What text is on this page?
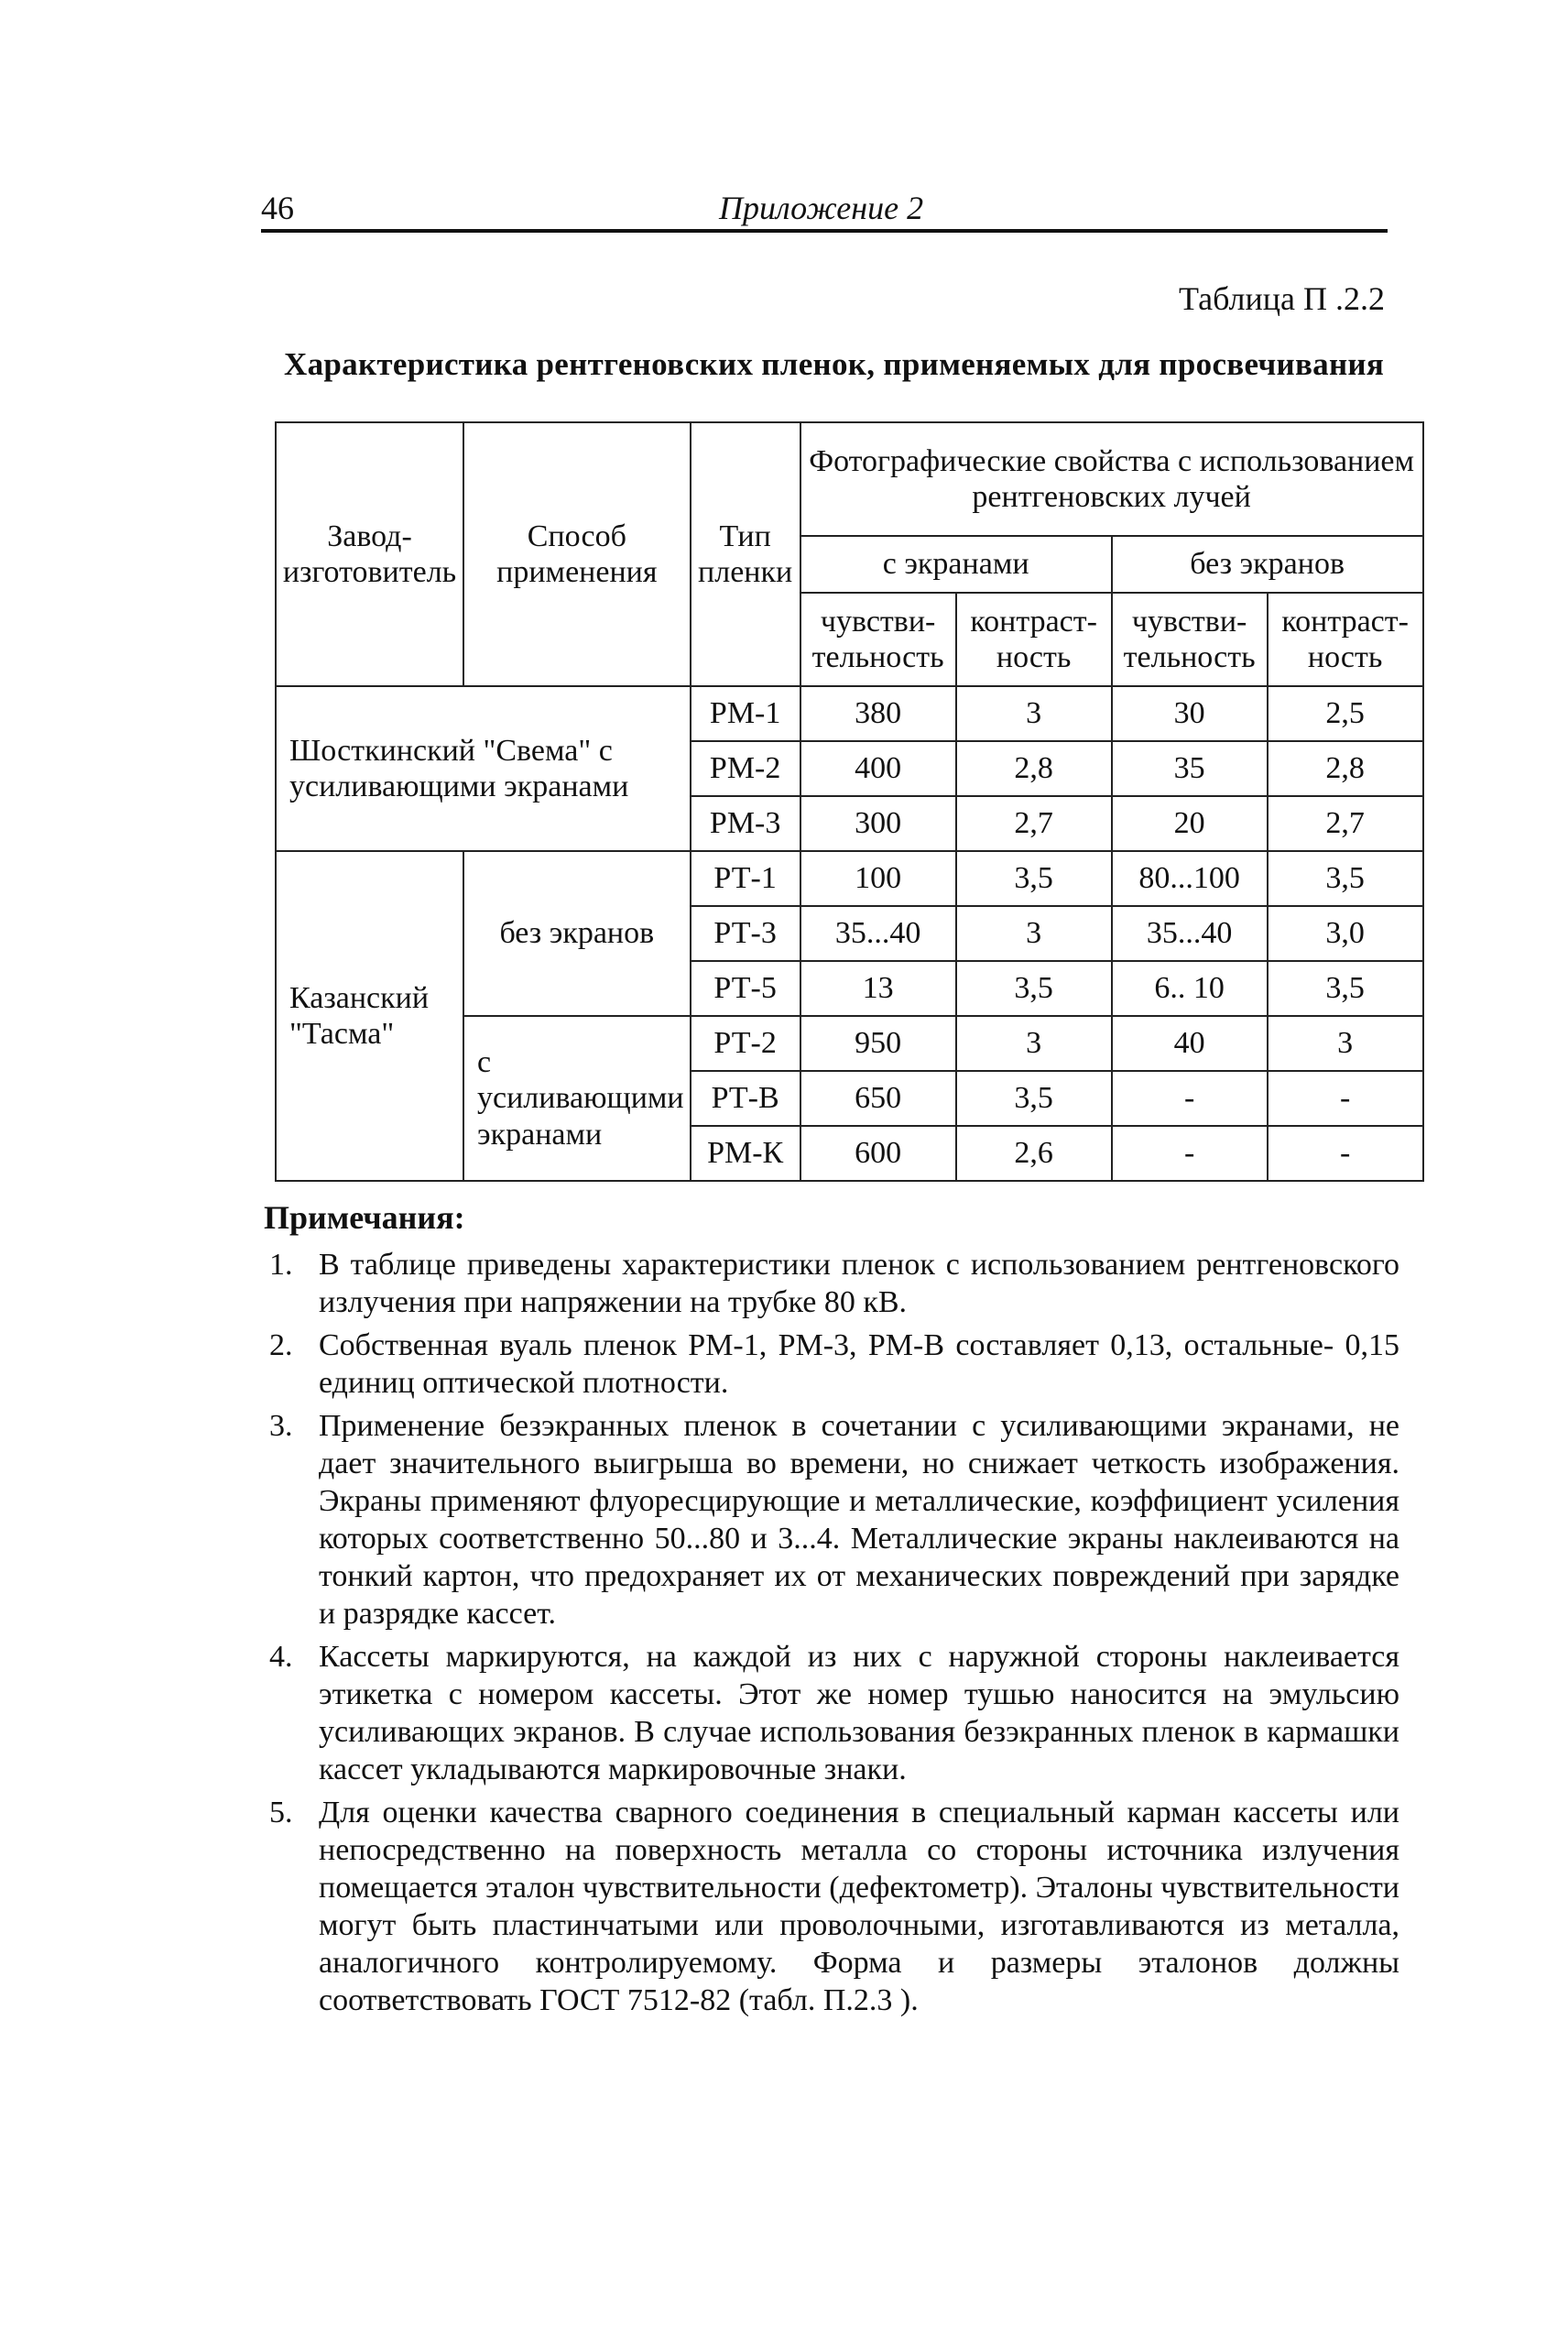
46	Приложение 2
Таблица П .2.2
Характеристика рентгеновских пленок, применяемых для просвечивания
Завод-изготовитель	Способ применения	Тип пленки	Фотографические свойства с использованием рентгеновских лучей			
			с экранами		без экранов	
			чувстви-тельность	контраст-ность	чувстви-тельность	контраст-ность
Шосткинский "Свема" с усиливающими экранами		РМ-1	380	3	30	2,5
		РМ-2	400	2,8	35	2,8
		РМ-3	300	2,7	20	2,7
Казанский "Тасма"	без экранов	РТ-1	100	3,5	80...100	3,5
		РТ-3	35...40	3	35...40	3,0
		РТ-5	13	3,5	6.. 10	3,5
	с усиливающими экранами	РТ-2	950	3	40	3
		РТ-В	650	3,5	-	-
		РМ-К	600	2,6	-	-
Примечания:
1. В таблице приведены характеристики пленок с использованием рентгеновского излучения при напряжении на трубке 80 кВ.
2. Собственная вуаль пленок РМ-1, РМ-3, РМ-В составляет 0,13, остальные- 0,15 единиц оптической плотности.
3. Применение безэкранных пленок в сочетании с усиливающими экранами, не дает значительного выигрыша во времени, но снижает четкость изображения. Экраны применяют флуоресцирующие и металлические, коэффициент усиления которых соответственно 50...80 и 3...4. Металлические экраны наклеиваются на тонкий картон, что предохраняет их от механических повреждений при зарядке и разрядке кассет.
4. Кассеты маркируются, на каждой из них с наружной стороны наклеивается этикетка с номером кассеты. Этот же номер тушью наносится на эмульсию усиливающих экранов. В случае использования безэкранных пленок в кармашки кассет укладываются маркировочные знаки.
5. Для оценки качества сварного соединения в специальный карман кассеты или непосредственно на поверхность металла со стороны источника излучения помещается эталон чувствительности (дефектометр). Эталоны чувствительности могут быть пластинчатыми или проволочными, изготавливаются из металла, аналогичного контролируемому. Форма и размеры эталонов должны соответствовать ГОСТ 7512-82 (табл. П.2.3 ).
